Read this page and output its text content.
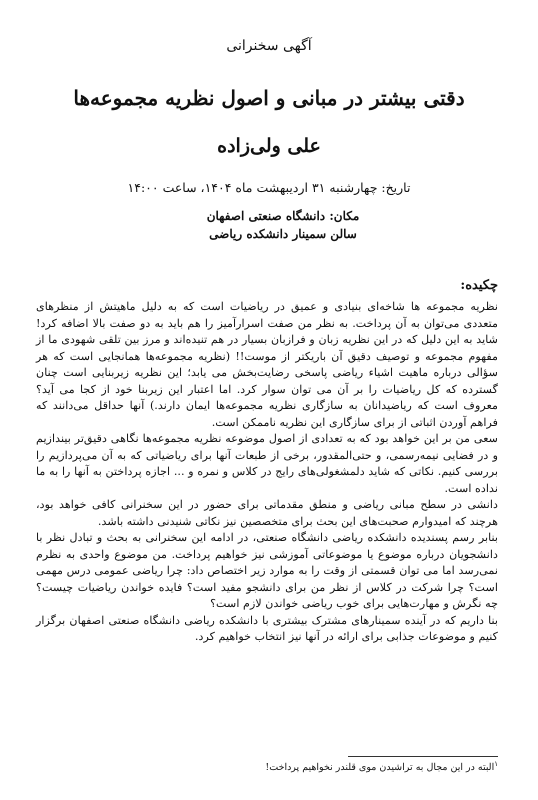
آگهی سخنرانی
دقتی بیشتر در مبانی و اصول نظریه مجموعه‌ها
علی ولی‌زاده
تاریخ: چهارشنبه ۳۱ اردیبهشت ماه ۱۴۰۴، ساعت ۱۴:۰۰
مکان: دانشگاه صنعتی اصفهان
سالن سمینار دانشکده ریاضی
چکیده:

نظریه مجموعه ها شاخه‌ای بنیادی و عمیق در ریاضیات است که به دلیل ماهیتش از منظرهای متعددی می‌توان به آن پرداخت. به نظر من صفت اسرارآمیز را هم باید به دو صفت بالا اضافه کرد! شاید به این دلیل که در این نظریه زبان و فرازبان بسیار در هم تنیده‌اند و مرز بین تلقی شهودی ما از مفهوم مجموعه و توصیف دقیق آن باریکتر از موست!! (نظریه مجموعه‌ها همانجایی است که هر سؤالی درباره ماهیت اشیاء ریاضی پاسخی رضایت‌بخش می یابد؛ این نظریه زیربنایی است چنان گسترده که کل ریاضیات را بر آن می توان سوار کرد. اما اعتبار این زیربنا خود از کجا می آید؟ معروف است که ریاضیدانان به سازگاری نظریه مجموعه‌ها ایمان دارند.) آنها حداقل می‌دانند که فراهم آوردن اثباتی از برای سازگاری این نظریه ناممکن است.

سعی من بر این خواهد بود که به تعدادی از اصول موضوعه نظریه مجموعه‌ها نگاهی دقیق‌تر بیندازیم و در فضایی نیمه‌رسمی، و حتی‌المقدور، برخی از طبعات آنها برای ریاضیاتی که به آن می‌پردازیم را بررسی کنیم. نکاتی که شاید دلمشغولی‌های رایج در کلاس و نمره و ... اجازه پرداختن به آنها را به ما نداده است.

دانشی در سطح مبانی ریاضی و منطق مقدماتی برای حضور در این سخنرانی کافی خواهد بود، هرچند که امیدوارم صحبت‌های این بحث برای متخصصین نیز نکاتی شنیدنی داشته باشد.

بنابر رسم پسندیده دانشکده ریاضی دانشگاه صنعتی، در ادامه این سخنرانی به بحث و تبادل نظر با دانشجویان درباره موضوع یا موضوعاتی آموزشی نیز خواهیم پرداخت. من موضوع واحدی به نظرم نمی‌رسد اما می توان قسمتی از وقت را به موارد زیر اختصاص داد: چرا ریاضی عمومی درس مهمی است؟ چرا شرکت در کلاس از نظر من برای دانشجو مفید است؟ فایده خواندن ریاضیات چیست؟ چه نگرش و مهارت‌هایی برای خوب ریاضی خواندن لازم است؟

بنا داریم که در آینده سمینارهای مشترک بیشتری با دانشکده ریاضی دانشگاه صنعتی اصفهان برگزار کنیم و موضوعات جذابی برای ارائه در آنها نیز انتخاب خواهیم کرد.

$^۱$البته در این مجال به تراشیدن موی قلندر نخواهیم پرداخت!
